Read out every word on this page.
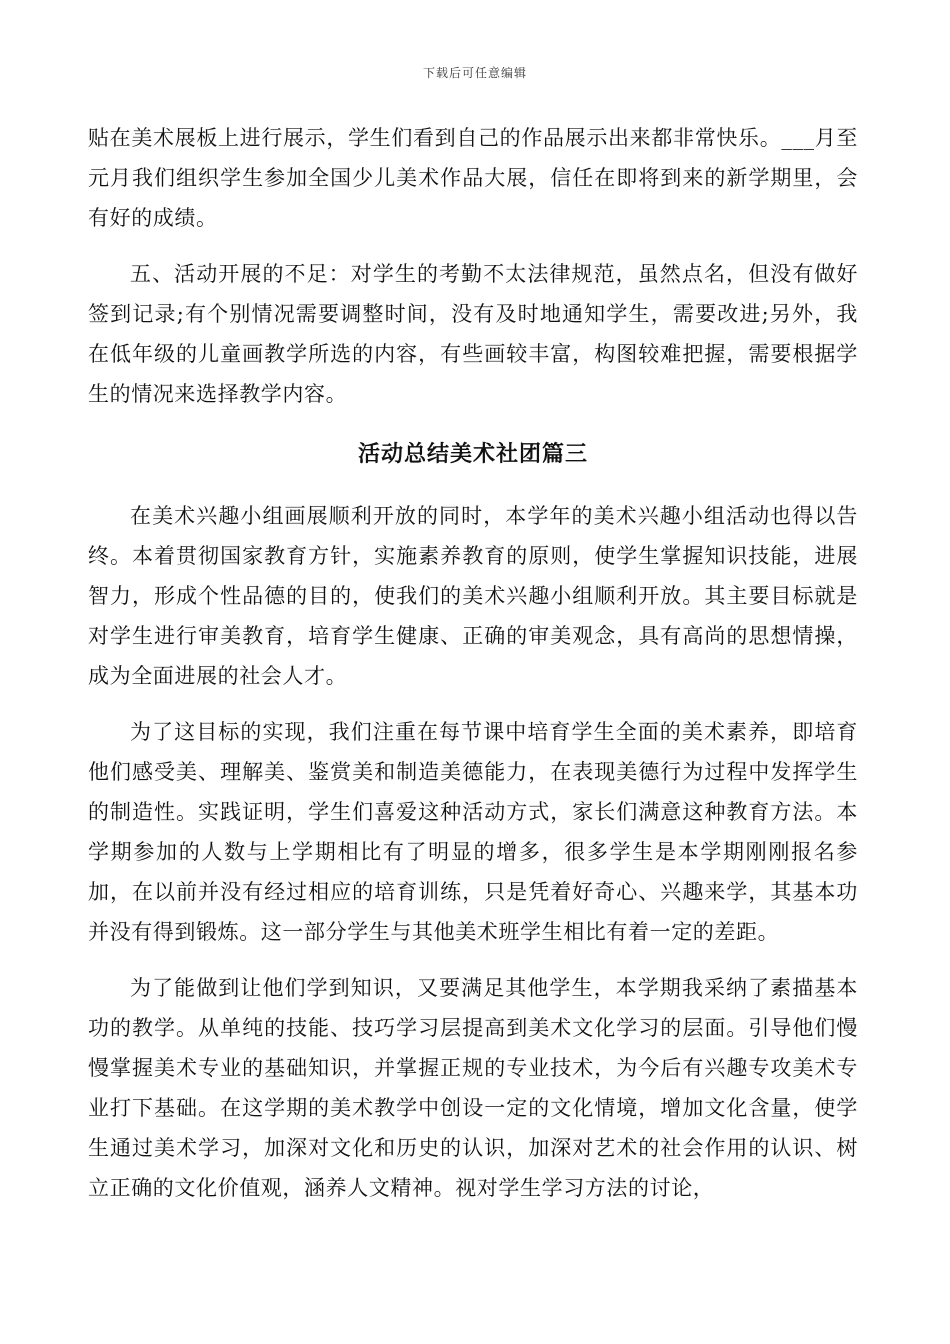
下载后可任意编辑

贴在美术展板上进行展示，学生们看到自己的作品展示出来都非常快乐。___月至元月我们组织学生参加全国少儿美术作品大展，信任在即将到来的新学期里，会有好的成绩。

五、活动开展的不足：对学生的考勤不太法律规范，虽然点名，但没有做好签到记录;有个别情况需要调整时间，没有及时地通知学生，需要改进;另外，我在低年级的儿童画教学所选的内容，有些画较丰富，构图较难把握，需要根据学生的情况来选择教学内容。

活动总结美术社团篇三

在美术兴趣小组画展顺利开放的同时，本学年的美术兴趣小组活动也得以告终。本着贯彻国家教育方针，实施素养教育的原则，使学生掌握知识技能，进展智力，形成个性品德的目的，使我们的美术兴趣小组顺利开放。其主要目标就是对学生进行审美教育，培育学生健康、正确的审美观念，具有高尚的思想情操，成为全面进展的社会人才。

为了这目标的实现，我们注重在每节课中培育学生全面的美术素养，即培育他们感受美、理解美、鉴赏美和制造美德能力，在表现美德行为过程中发挥学生的制造性。实践证明，学生们喜爱这种活动方式，家长们满意这种教育方法。本学期参加的人数与上学期相比有了明显的增多，很多学生是本学期刚刚报名参加，在以前并没有经过相应的培育训练，只是凭着好奇心、兴趣来学，其基本功并没有得到锻炼。这一部分学生与其他美术班学生相比有着一定的差距。

为了能做到让他们学到知识，又要满足其他学生，本学期我采纳了素描基本功的教学。从单纯的技能、技巧学习层提高到美术文化学习的层面。引导他们慢慢掌握美术专业的基础知识，并掌握正规的专业技术，为今后有兴趣专攻美术专业打下基础。在这学期的美术教学中创设一定的文化情境，增加文化含量，使学生通过美术学习，加深对文化和历史的认识，加深对艺术的社会作用的认识、树立正确的文化价值观，涵养人文精神。视对学生学习方法的讨论，
